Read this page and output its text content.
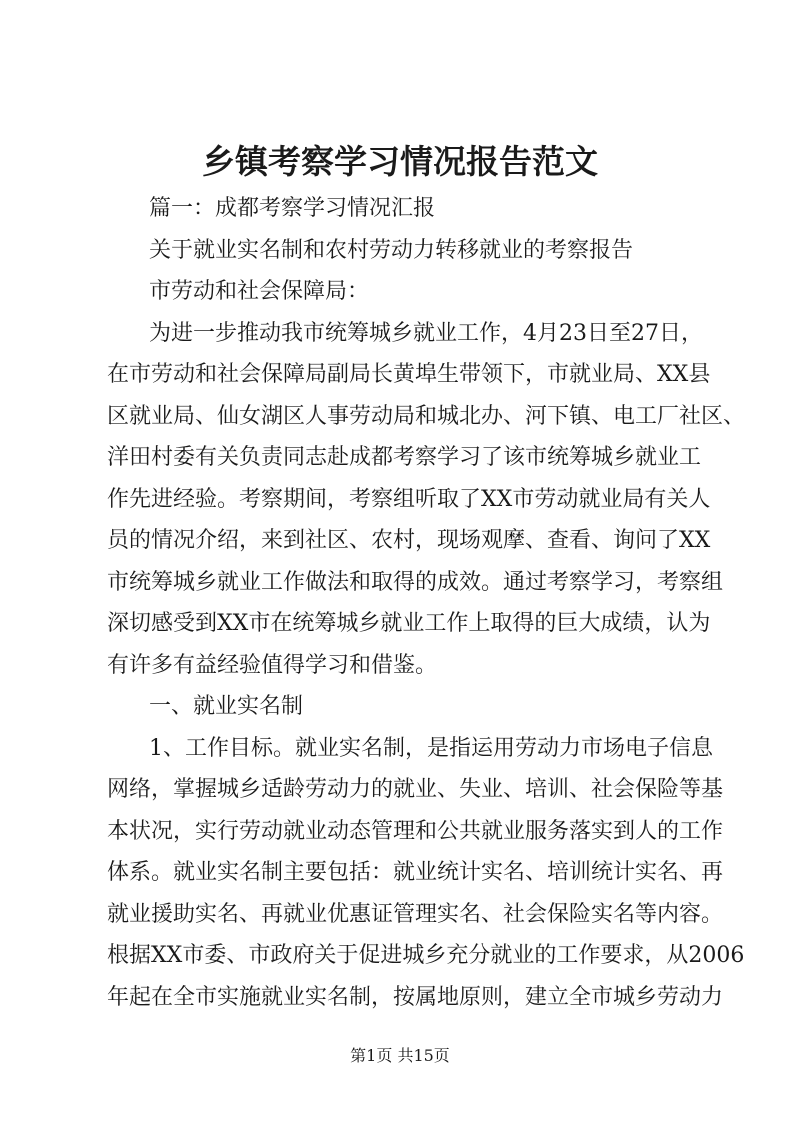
乡镇考察学习情况报告范文

篇一：成都考察学习情况汇报

关于就业实名制和农村劳动力转移就业的考察报告

市劳动和社会保障局：

为进一步推动我市统筹城乡就业工作，4月23日至27日，

在市劳动和社会保障局副局长黄埠生带领下，市就业局、XX县

区就业局、仙女湖区人事劳动局和城北办、河下镇、电工厂社区、

洋田村委有关负责同志赴成都考察学习了该市统筹城乡就业工

作先进经验。考察期间，考察组听取了XX市劳动就业局有关人

员的情况介绍，来到社区、农村，现场观摩、查看、询问了XX

市统筹城乡就业工作做法和取得的成效。通过考察学习，考察组

深切感受到XX市在统筹城乡就业工作上取得的巨大成绩，认为

有许多有益经验值得学习和借鉴。

一、就业实名制

1、工作目标。就业实名制，是指运用劳动力市场电子信息

网络，掌握城乡适龄劳动力的就业、失业、培训、社会保险等基

本状况，实行劳动就业动态管理和公共就业服务落实到人的工作

体系。就业实名制主要包括：就业统计实名、培训统计实名、再

就业援助实名、再就业优惠证管理实名、社会保险实名等内容。

根据XX市委、市政府关于促进城乡充分就业的工作要求，从2006

年起在全市实施就业实名制，按属地原则，建立全市城乡劳动力

第1页 共15页
